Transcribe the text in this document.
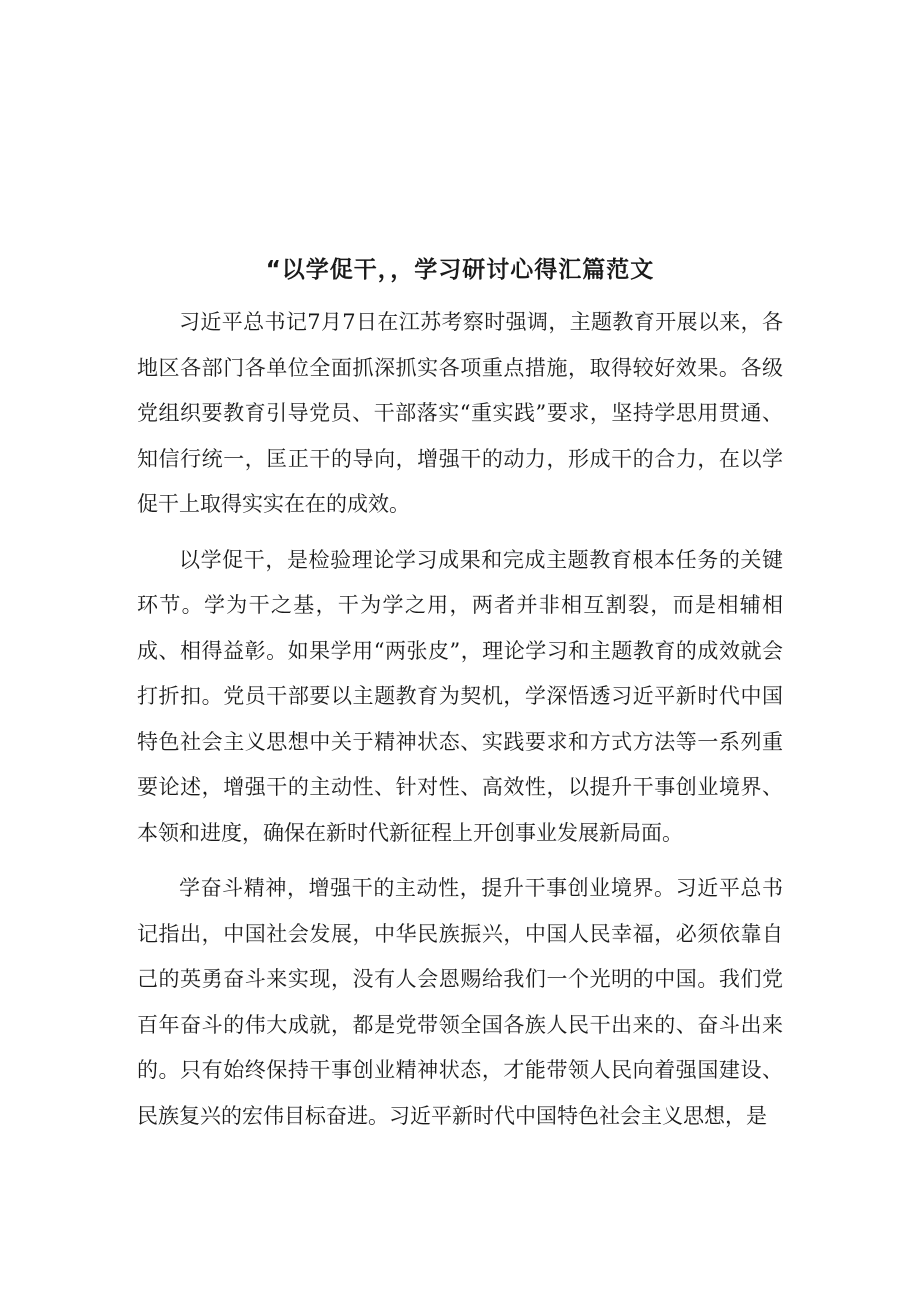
“以学促干，，学习研讨心得汇篇范文

习近平总书记7月7日在江苏考察时强调，主题教育开展以来，各地区各部门各单位全面抓深抓实各项重点措施，取得较好效果。各级党组织要教育引导党员、干部落实“重实践”要求，坚持学思用贯通、知信行统一，匡正干的导向，增强干的动力，形成干的合力，在以学促干上取得实实在在的成效。

以学促干，是检验理论学习成果和完成主题教育根本任务的关键环节。学为干之基，干为学之用，两者并非相互割裂，而是相辅相成、相得益彰。如果学用“两张皮”，理论学习和主题教育的成效就会打折扣。党员干部要以主题教育为契机，学深悟透习近平新时代中国特色社会主义思想中关于精神状态、实践要求和方式方法等一系列重要论述，增强干的主动性、针对性、高效性，以提升干事创业境界、本领和进度，确保在新时代新征程上开创事业发展新局面。

学奋斗精神，增强干的主动性，提升干事创业境界。习近平总书记指出，中国社会发展，中华民族振兴，中国人民幸福，必须依靠自己的英勇奋斗来实现，没有人会恩赐给我们一个光明的中国。我们党百年奋斗的伟大成就，都是党带领全国各族人民干出来的、奋斗出来的。只有始终保持干事创业精神状态，才能带领人民向着强国建设、民族复兴的宏伟目标奋进。习近平新时代中国特色社会主义思想，是
